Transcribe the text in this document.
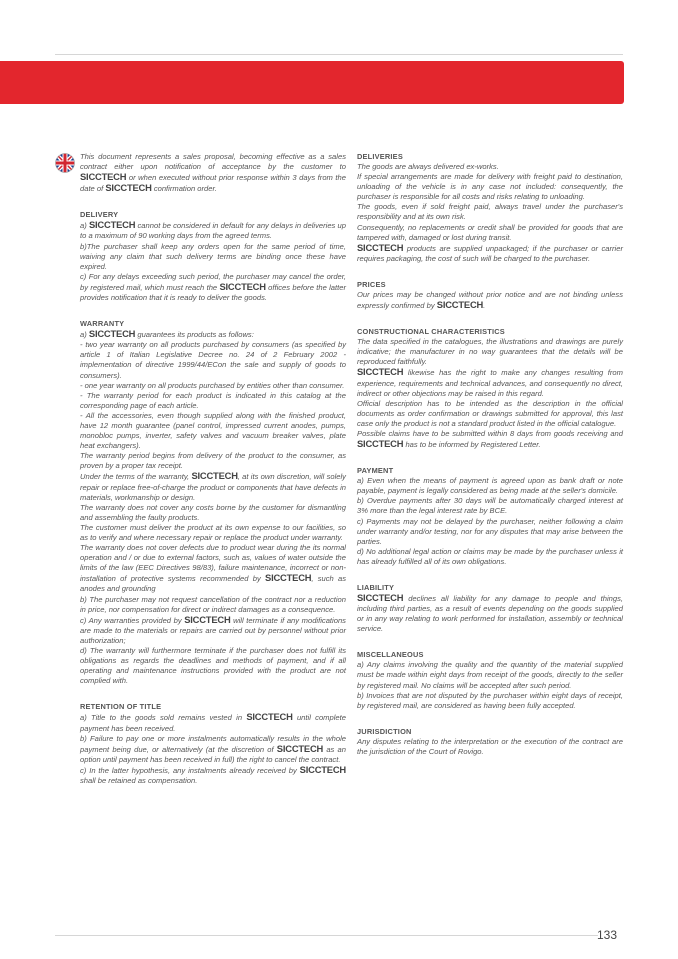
This document represents a sales proposal, becoming effective as a sales contract either upon notification of acceptance by the customer to SICCTECH or when executed without prior response within 3 days from the date of SICCTECH confirmation order.

DELIVERY

a) SICCTECH cannot be considered in default for any delays in deliveries up to a maximum of 90 working days from the agreed terms.

b)The purchaser shall keep any orders open for the same period of time, waiving any claim that such delivery terms are binding once these have expired.

c) For any delays exceeding such period, the purchaser may cancel the order, by registered mail, which must reach the SICCTECH offices before the latter provides notification that it is ready to deliver the goods.

WARRANTY

a) SICCTECH guarantees its products as follows:

- two year warranty on all products purchased by consumers (as specified by article 1 of Italian Legislative Decree no. 24 of 2 February 2002 - implementation of directive 1999/44/ECon the sale and supply of goods to consumers).

- one year warranty on all products purchased by entities other than consumer.

- The warranty period for each product is indicated in this catalog at the corresponding page of each article.

- All the accessories, even though supplied along with the finished product, have 12 month guarantee (panel control, impressed current anodes, pumps, monobloc pumps, inverter, safety valves and vacuum breaker valves, plate heat exchangers).

The warranty period begins from delivery of the product to the consumer, as proven by a proper tax receipt.

Under the terms of the warranty, SICCTECH, at its own discretion, will solely repair or replace free-of-charge the product or components that have defects in materials, workmanship or design.

The warranty does not cover any costs borne by the customer for dismantling and assembling the faulty products.

The customer must deliver the product at its own expense to our facilities, so as to verify and where necessary repair or replace the product under warranty.

The warranty does not cover defects due to product wear during the its normal operation and / or due to external factors, such as, values of water outside the limits of the law (EEC Directives 98/83), failure maintenance, incorrect or non-installation of protective systems recommended by SICCTECH, such as anodes and grounding

b) The purchaser may not request cancellation of the contract nor a reduction in price, nor compensation for direct or indirect damages as a consequence.

c) Any warranties provided by SICCTECH will terminate if any modifications are made to the materials or repairs are carried out by personnel without prior authorization;

d) The warranty will furthermore terminate if the purchaser does not fulfill its obligations as regards the deadlines and methods of payment, and if all operating and maintenance instructions provided with the product are not complied with.

RETENTION OF TITLE

a) Title to the goods sold remains vested in SICCTECH until complete payment has been received.

b) Failure to pay one or more instalments automatically results in the whole payment being due, or alternatively (at the discretion of SICCTECH as an option until payment has been received in full) the right to cancel the contract.

c) In the latter hypothesis, any instalments already received by SICCTECH shall be retained as compensation.

DELIVERIES

The goods are always delivered ex-works.

If special arrangements are made for delivery with freight paid to destination, unloading of the vehicle is in any case not included: consequently, the purchaser is responsible for all costs and risks relating to unloading.

The goods, even if sold freight paid, always travel under the purchaser's responsibility and at its own risk.

Consequently, no replacements or credit shall be provided for goods that are tampered with, damaged or lost during transit.

SICCTECH products are supplied unpackaged; if the purchaser or carrier requires packaging, the cost of such will be charged to the purchaser.

PRICES

Our prices may be changed without prior notice and are not binding unless expressly confirmed by SICCTECH.

CONSTRUCTIONAL CHARACTERISTICS

The data specified in the catalogues, the illustrations and drawings are purely indicative; the manufacturer in no way guarantees that the details will be reproduced faithfully.

SICCTECH likewise has the right to make any changes resulting from experience, requirements and technical advances, and consequently no direct, indirect or other objections may be raised in this regard.

Official description has to be intended as the description in the official documents as order confirmation or drawings submitted for approval, this last case only the product is not a standard product listed in the official catalogue.

Possible claims have to be submitted within 8 days from goods receiving and SICCTECH has to be informed by Registered Letter.

PAYMENT

a) Even when the means of payment is agreed upon as bank draft or note payable, payment is legally considered as being made at the seller's domicile.

b) Overdue payments after 30 days will be automatically charged interest at 3% more than the legal interest rate by BCE.

c) Payments may not be delayed by the purchaser, neither following a claim under warranty and/or testing, nor for any disputes that may arise between the parties.

d) No additional legal action or claims may be made by the purchaser unless it has already fulfilled all of its own obligations.

LIABILITY

SICCTECH declines all liability for any damage to people and things, including third parties, as a result of events depending on the goods supplied or in any way relating to work performed for installation, assembly or technical service.

MISCELLANEOUS

a) Any claims involving the quality and the quantity of the material supplied must be made within eight days from receipt of the goods, directly to the seller by registered mail. No claims will be accepted after such period.

b) Invoices that are not disputed by the purchaser within eight days of receipt, by registered mail, are considered as having been fully accepted.

JURISDICTION

Any disputes relating to the interpretation or the execution of the contract are the jurisdiction of the Court of Rovigo.

133
